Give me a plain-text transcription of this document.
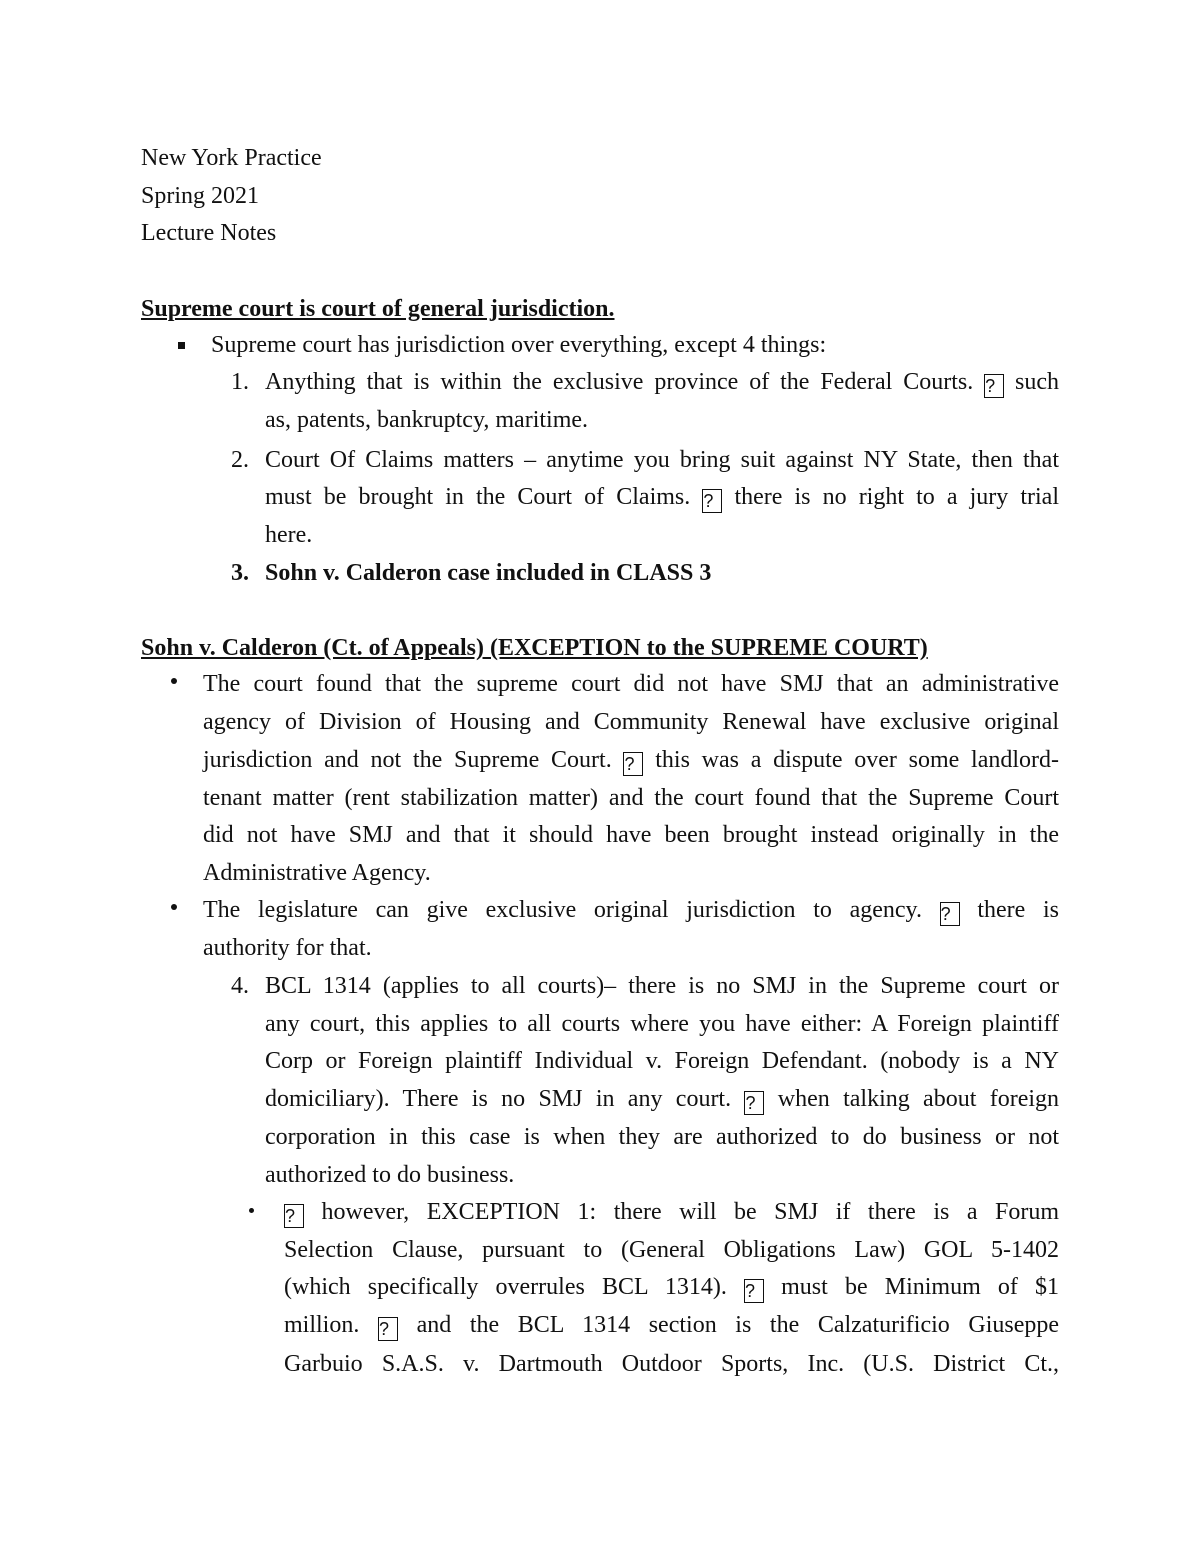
New York Practice
Spring 2021
Lecture Notes
Supreme court is court of general jurisdiction.
Supreme court has jurisdiction over everything, except 4 things:
1. Anything that is within the exclusive province of the Federal Courts. ? such
as, patents, bankruptcy, maritime.
2. Court Of Claims matters – anytime you bring suit against NY State, then that
must be brought in the Court of Claims. ? there is no right to a jury trial
here.
3. Sohn v. Calderon case included in CLASS 3
Sohn v. Calderon (Ct. of Appeals) (EXCEPTION to the SUPREME COURT)
The court found that the supreme court did not have SMJ that an administrative
agency of Division of Housing and Community Renewal have exclusive original
jurisdiction and not the Supreme Court. ? this was a dispute over some landlord-
tenant matter (rent stabilization matter) and the court found that the Supreme Court
did not have SMJ and that it should have been brought instead originally in the
Administrative Agency.
The legislature can give exclusive original jurisdiction to agency. ? there is
authority for that.
4. BCL 1314 (applies to all courts)– there is no SMJ in the Supreme court or
any court, this applies to all courts where you have either: A Foreign plaintiff
Corp or Foreign plaintiff Individual v. Foreign Defendant. (nobody is a NY
domiciliary). There is no SMJ in any court. ? when talking about foreign
corporation in this case is when they are authorized to do business or not
authorized to do business.
? however, EXCEPTION 1: there will be SMJ if there is a Forum
Selection Clause, pursuant to (General Obligations Law) GOL 5-1402
(which specifically overrules BCL 1314). ? must be Minimum of $1
million. ? and the BCL 1314 section is the Calzaturificio Giuseppe
Garbuio S.A.S. v. Dartmouth Outdoor Sports, Inc. (U.S. District Ct.,
